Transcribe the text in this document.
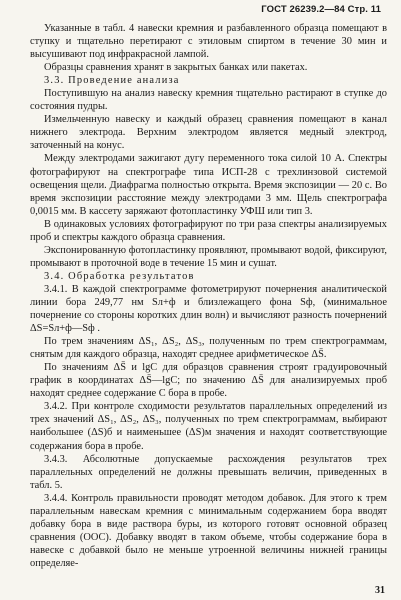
ГОСТ 26239.2—84 Стр. 11

Указанные в табл. 4 навески кремния и разбавленного образца помещают в ступку и тщательно перетирают с этиловым спиртом в течение 30 мин и высушивают под инфракрасной лампой.

Образцы сравнения хранят в закрытых банках или пакетах.

3.3. Проведение анализа

Поступившую на анализ навеску кремния тщательно растирают в ступке до состояния пудры.

Измельченную навеску и каждый образец сравнения помещают в канал нижнего электрода. Верхним электродом является медный электрод, заточенный на конус.

Между электродами зажигают дугу переменного тока силой 10 А. Спектры фотографируют на спектрографе типа ИСП-28 с трехлинзовой системой освещения щели. Диафрагма полностью открыта. Время экспозиции — 20 с. Во время экспозиции расстояние между электродами 3 мм. Щель спектрографа 0,0015 мм. В кассету заряжают фотопластинку УФШ или тип 3.

В одинаковых условиях фотографируют по три раза спектры анализируемых проб и спектры каждого образца сравнения.

Экспонированную фотопластинку проявляют, промывают водой, фиксируют, промывают в проточной воде в течение 15 мин и сушат.

3.4. Обработка результатов

3.4.1. В каждой спектрограмме фотометрируют почернения аналитической линии бора 249,77 нм Sл+ф и близлежащего фона Sф, (минимальное почернение со стороны коротких длин волн) и вычисляют разность почернений ΔS=Sл+ф—Sф .

По трем значениям ΔS₁, ΔS₂, ΔS₃, полученным по трем спектрограммам, снятым для каждого образца, находят среднее арифметическое ΔS̄.

По значениям ΔS̄ и lgC для образцов сравнения строят градуировочный график в координатах ΔS̄—lgC; по значению ΔS̄ для анализируемых проб находят среднее содержание C бора в пробе.

3.4.2. При контроле сходимости результатов параллельных определений из трех значений ΔS₁, ΔS₂, ΔS₃, полученных по трем спектрограммам, выбирают наибольшее (ΔS)б и наименьшее (ΔS)м значения и находят соответствующие содержания бора в пробе.

3.4.3. Абсолютные допускаемые расхождения результатов трех параллельных определений не должны превышать величин, приведенных в табл. 5.

3.4.4. Контроль правильности проводят методом добавок. Для этого к трем параллельным навескам кремния с минимальным содержанием бора вводят добавку бора в виде раствора буры, из которого готовят основной образец сравнения (ООС). Добавку вводят в таком объеме, чтобы содержание бора в навеске с добавкой было не меньше утроенной величины нижней границы определяе-

31
